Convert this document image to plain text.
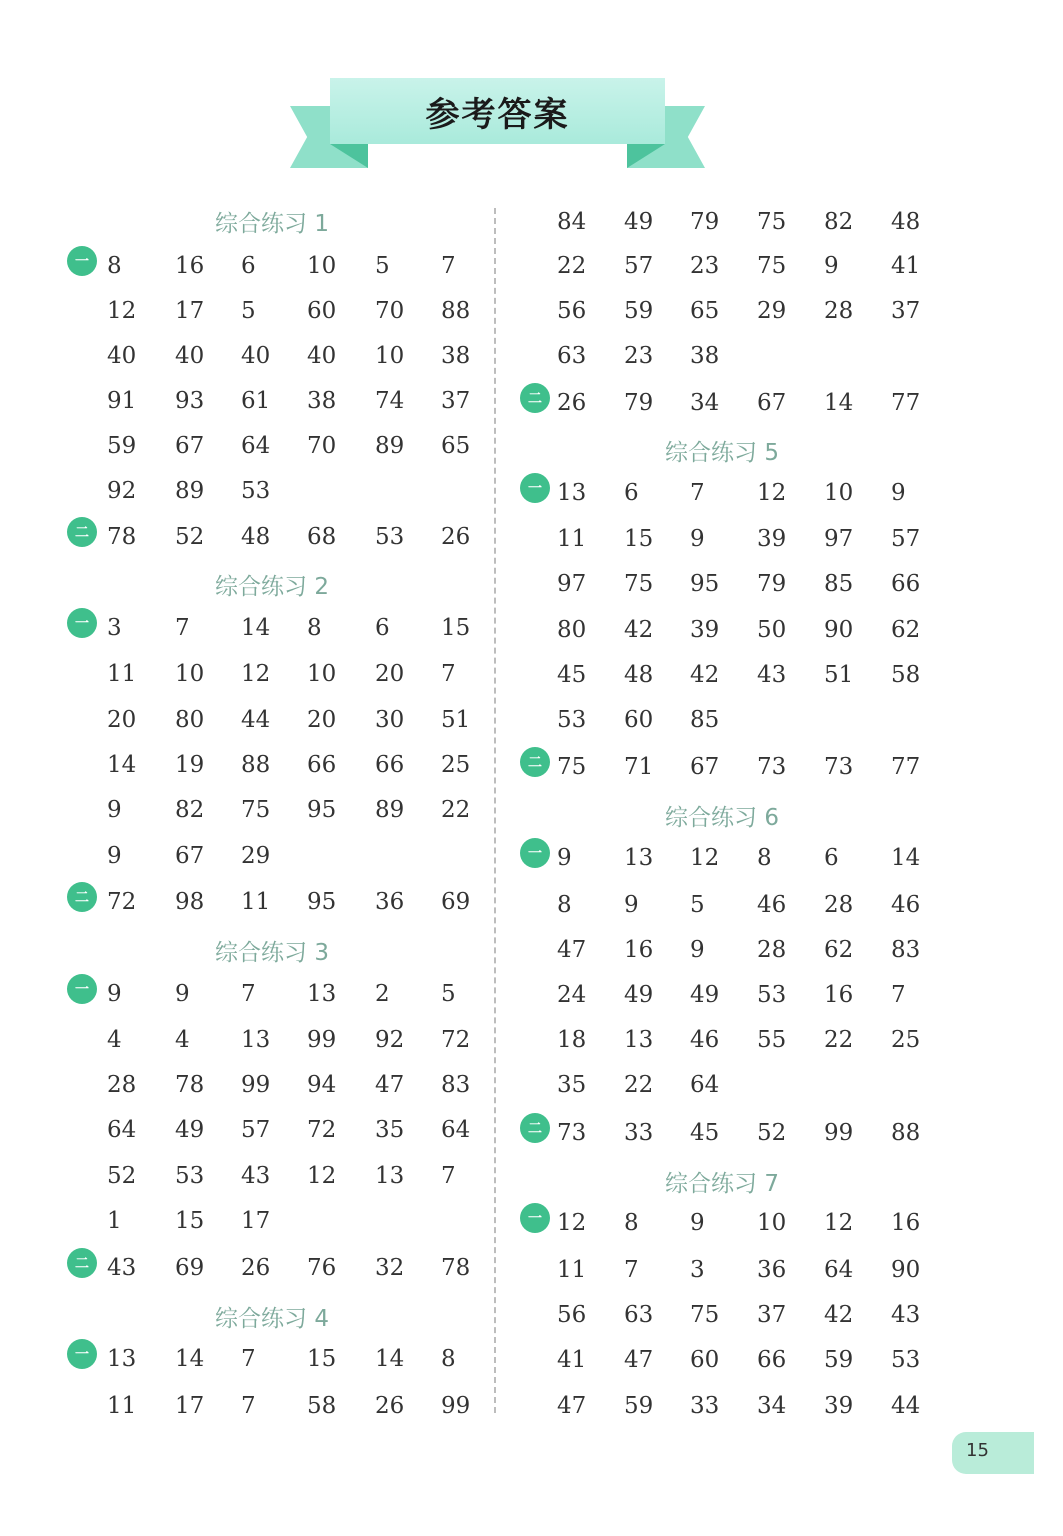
参考答案
综合练习 1
一 8	16	6	10	5	7
12	17	5	60	70	88
40	40	40	40	10	38
91	93	61	38	74	37
59	67	64	70	89	65
92	89	53
二 78	52	48	68	53	26
综合练习 2
一 3	7	14	8	6	15
11	10	12	10	20	7
20	80	44	20	30	51
14	19	88	66	66	25
9	82	75	95	89	22
9	67	29
二 72	98	11	95	36	69
综合练习 3
一 9	9	7	13	2	5
4	4	13	99	92	72
28	78	99	94	47	83
64	49	57	72	35	64
52	53	43	12	13	7
1	15	17
二 43	69	26	76	32	78
综合练习 4
一 13	14	7	15	14	8
11	17	7	58	26	99
84	49	79	75	82	48
22	57	23	75	9	41
56	59	65	29	28	37
63	23	38
二 26	79	34	67	14	77
综合练习 5
一 13	6	7	12	10	9
11	15	9	39	97	57
97	75	95	79	85	66
80	42	39	50	90	62
45	48	42	43	51	58
53	60	85
二 75	71	67	73	73	77
综合练习 6
一 9	13	12	8	6	14
8	9	5	46	28	46
47	16	9	28	62	83
24	49	49	53	16	7
18	13	46	55	22	25
35	22	64
二 73	33	45	52	99	88
综合练习 7
一 12	8	9	10	12	16
11	7	3	36	64	90
56	63	75	37	42	43
41	47	60	66	59	53
47	59	33	34	39	44
15
